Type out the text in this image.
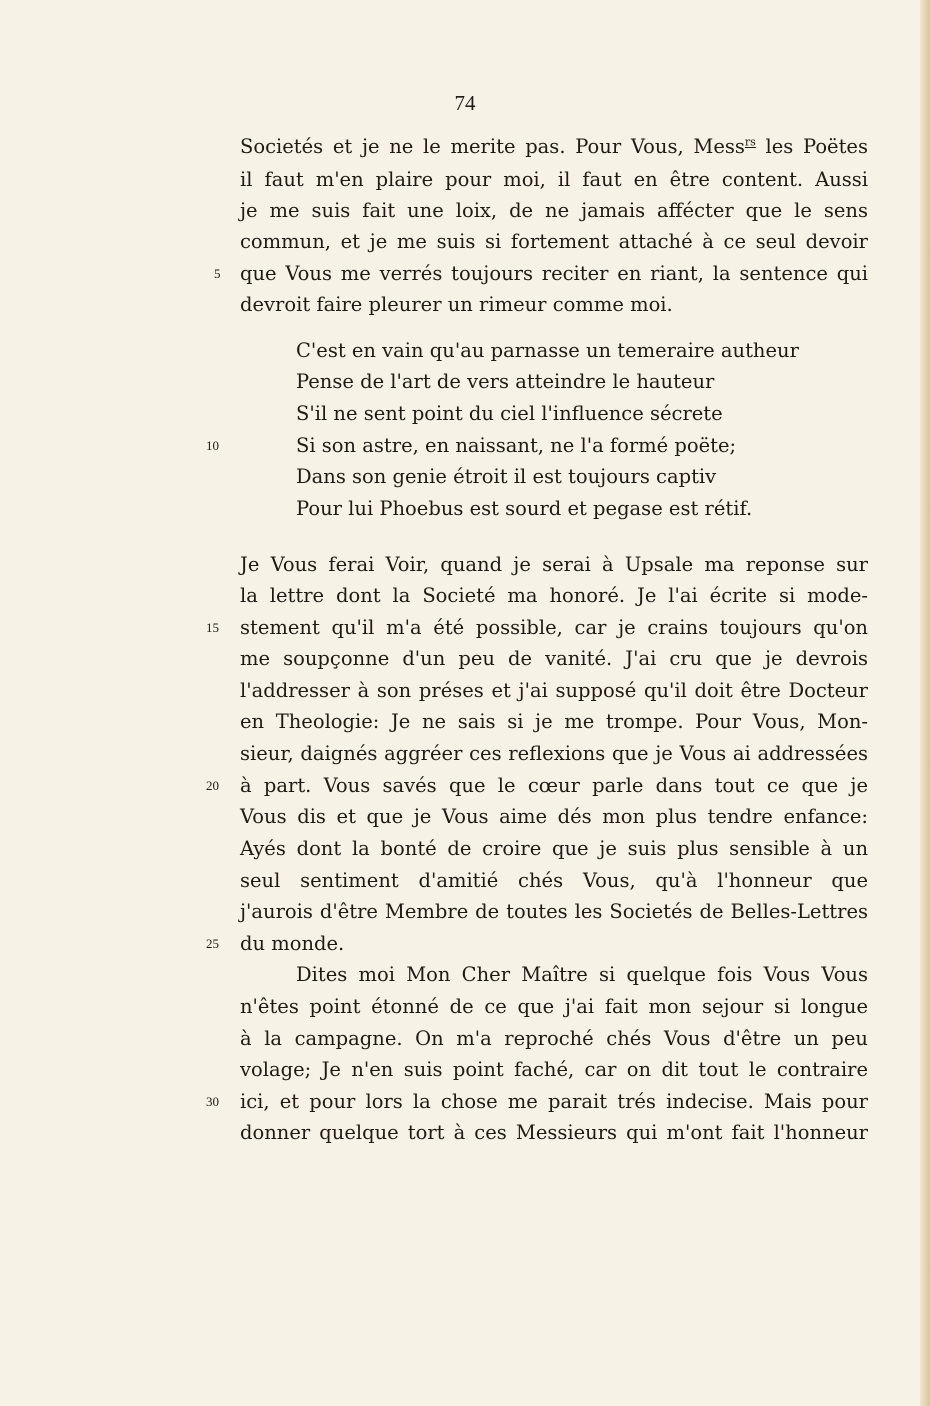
74
Societés et je ne le merite pas. Pour Vous, Mess$^{rs}$ les Poëtes
il faut m'en plaire pour moi, il faut en être content. Aussi
je me suis fait une loix, de ne jamais affécter que le sens
commun, et je me suis si fortement attaché à ce seul devoir
que Vous me verrés toujours reciter en riant, la sentence qui
devroit faire pleurer un rimeur comme moi.
C'est en vain qu'au parnasse un temeraire autheur
Pense de l'art de vers atteindre le hauteur
S'il ne sent point du ciel l'influence sécrete
Si son astre, en naissant, ne l'a formé poëte;
Dans son genie étroit il est toujours captiv
Pour lui Phoebus est sourd et pegase est rétif.
Je Vous ferai Voir, quand je serai à Upsale ma reponse sur
la lettre dont la Societé ma honoré. Je l'ai écrite si mode-
stement qu'il m'a été possible, car je crains toujours qu'on
me soupçonne d'un peu de vanité. J'ai cru que je devrois
l'addresser à son préses et j'ai supposé qu'il doit être Docteur
en Theologie: Je ne sais si je me trompe. Pour Vous, Mon-
sieur, daignés aggréer ces reflexions que je Vous ai addressées
à part. Vous savés que le cœur parle dans tout ce que je
Vous dis et que je Vous aime dés mon plus tendre enfance:
Ayés dont la bonté de croire que je suis plus sensible à un
seul sentiment d'amitié chés Vous, qu'à l'honneur que
j'aurois d'être Membre de toutes les Societés de Belles-Lettres
du monde.
Dites moi Mon Cher Maître si quelque fois Vous Vous
n'êtes point étonné de ce que j'ai fait mon sejour si longue
à la campagne. On m'a reproché chés Vous d'être un peu
volage; Je n'en suis point faché, car on dit tout le contraire
ici, et pour lors la chose me parait trés indecise. Mais pour
donner quelque tort à ces Messieurs qui m'ont fait l'honneur
5
10
15
20
25
30
